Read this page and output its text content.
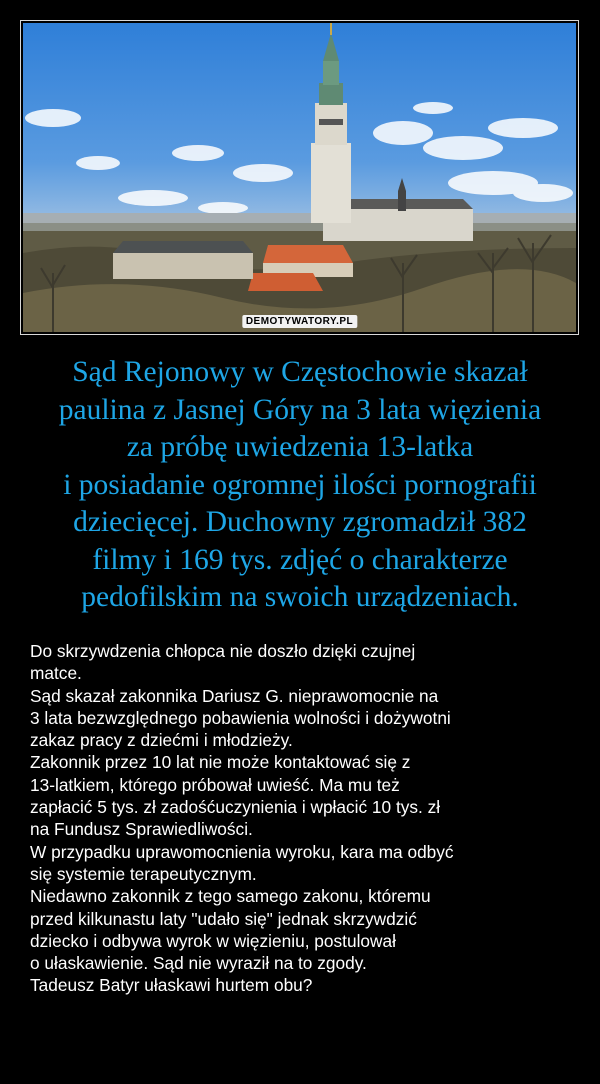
DEMOTYWATORY.PL
Sąd Rejonowy w Częstochowie skazał
paulina z Jasnej Góry na 3 lata więzienia
za próbę uwiedzenia 13-latka
i posiadanie ogromnej ilości pornografii
dziecięcej. Duchowny zgromadził 382
filmy i 169 tys. zdjęć o charakterze
pedofilskim na swoich urządzeniach.
Do skrzywdzenia chłopca nie doszło dzięki czujnej
matce.
Sąd skazał zakonnika Dariusz G. nieprawomocnie na
3 lata bezwzględnego pobawienia wolności i dożywotni
zakaz pracy z dziećmi i młodzieży.
Zakonnik przez 10 lat nie może kontaktować się z
13-latkiem, którego próbował uwieść. Ma mu też
zapłacić 5 tys. zł zadośćuczynienia i wpłacić 10 tys. zł
na Fundusz Sprawiedliwości.
W przypadku uprawomocnienia wyroku, kara ma odbyć
się systemie terapeutycznym.
Niedawno zakonnik z tego samego zakonu, któremu
przed kilkunastu laty "udało się" jednak skrzywdzić
dziecko i odbywa wyrok w więzieniu, postulował
o ułaskawienie. Sąd nie wyraził na to zgody.
Tadeusz Batyr ułaskawi hurtem obu?
